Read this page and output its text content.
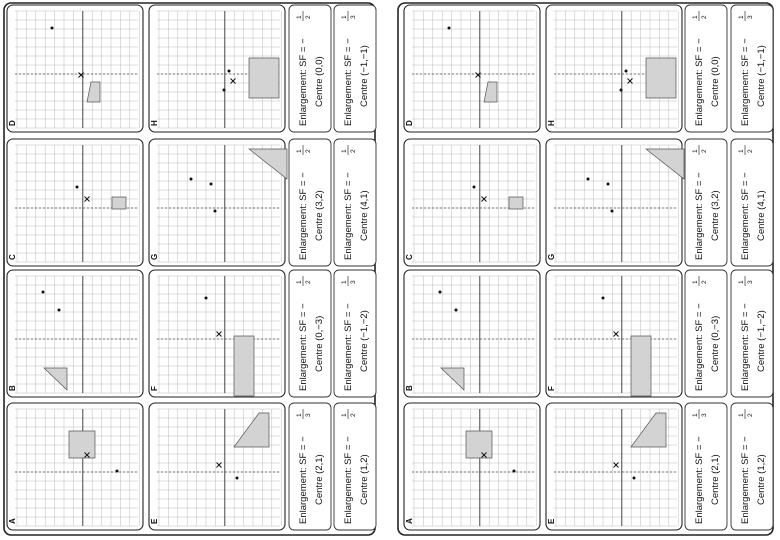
A
B
C
D
E
F
G
H
Enlargement: SF = −
1 3
Centre (2,1)
Enlargement: SF = −
1 2
Centre (0,−3)
Enlargement: SF = −
1 2
Centre (3,2)
Enlargement: SF = −
1 2
Centre (0,0)
Enlargement: SF = −
1 2
Centre (1,2)
Enlargement: SF = −
1 3
Centre (−1,−2)
Enlargement: SF = −
1 2
Centre (4,1)
Enlargement: SF = −
1 3
Centre (−1,−1)
A
B
C
D
E
F
G
H
Enlargement: SF = −
1 3
Centre (2,1)
Enlargement: SF = −
1 2
Centre (0,−3)
Enlargement: SF = −
1 2
Centre (3,2)
Enlargement: SF = −
1 2
Centre (0,0)
Enlargement: SF = −
1 2
Centre (1,2)
Enlargement: SF = −
1 3
Centre (−1,−2)
Enlargement: SF = −
1 2
Centre (4,1)
Enlargement: SF = −
1 3
Centre (−1,−1)
